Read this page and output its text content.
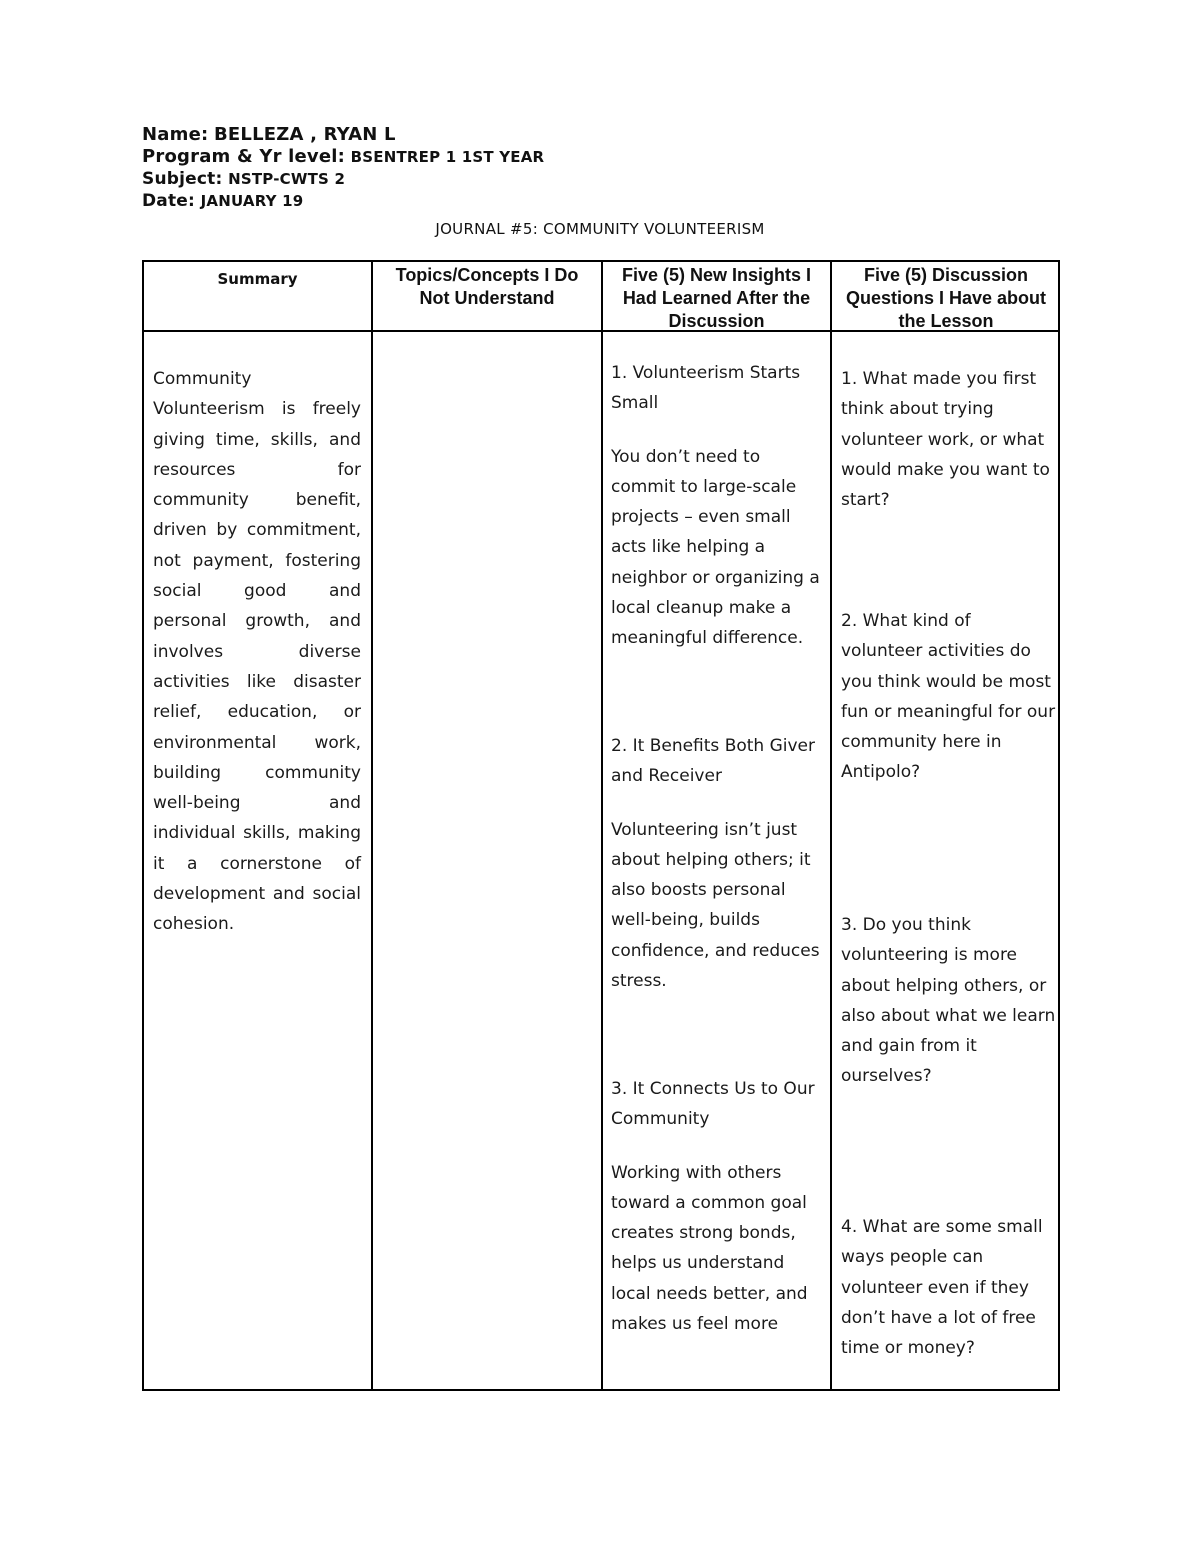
Name: BELLEZA , RYAN L
Program & Yr level: BSENTREP 1 1ST YEAR
Subject: NSTP-CWTS 2
Date: JANUARY 19
JOURNAL #5: COMMUNITY VOLUNTEERISM
Summary	Topics/Concepts I Do Not Understand
Five (5) New Insights I Had Learned After the Discussion
Five (5) Discussion Questions I Have about the Lesson
Community Volunteerism is freely giving time, skills, and resources for community benefit, driven by commitment, not payment, fostering social good and personal growth, and involves diverse activities like disaster relief, education, or environmental work, building community well-being and individual skills, making it a cornerstone of development and social cohesion.

1. Volunteerism Starts Small

You don’t need to commit to large-scale projects – even small acts like helping a neighbor or organizing a local cleanup make a meaningful difference.

2. It Benefits Both Giver and Receiver

Volunteering isn’t just about helping others; it also boosts personal well-being, builds confidence, and reduces stress.

3. It Connects Us to Our Community

Working with others toward a common goal creates strong bonds, helps us understand local needs better, and makes us feel more

1. What made you first think about trying volunteer work, or what would make you want to start?
2. What kind of volunteer activities do you think would be most fun or meaningful for our community here in Antipolo?
3. Do you think volunteering is more about helping others, or also about what we learn and gain from it ourselves?
4. What are some small ways people can volunteer even if they don’t have a lot of free time or money?
